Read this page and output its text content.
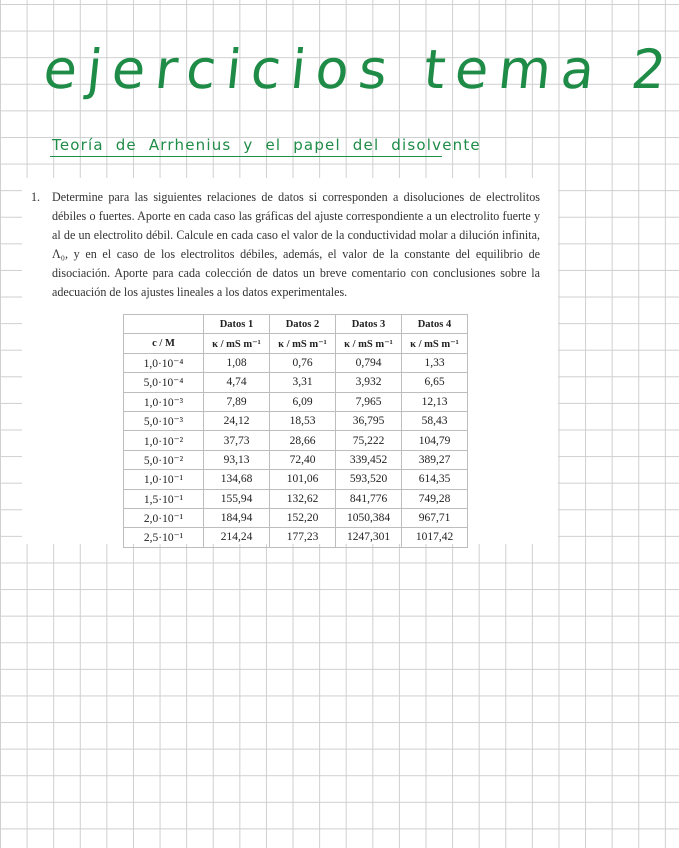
ejercicios tema 2
Teoría de Arrhenius y el papel del disolvente
1. Determine para las siguientes relaciones de datos si corresponden a disoluciones de electrolitos débiles o fuertes. Aporte en cada caso las gráficas del ajuste correspondiente a un electrolito fuerte y al de un electrolito débil. Calcule en cada caso el valor de la conductividad molar a dilución infinita, Λ₀, y en el caso de los electrolitos débiles, además, el valor de la constante del equilibrio de disociación. Aporte para cada colección de datos un breve comentario con conclusiones sobre la adecuación de los ajustes lineales a los datos experimentales.
	Datos 1	Datos 2	Datos 3	Datos 4
c / M	κ / mS m⁻¹	κ / mS m⁻¹	κ / mS m⁻¹	κ / mS m⁻¹
1,0·10⁻⁴	1,08	0,76	0,794	1,33
5,0·10⁻⁴	4,74	3,31	3,932	6,65
1,0·10⁻³	7,89	6,09	7,965	12,13
5,0·10⁻³	24,12	18,53	36,795	58,43
1,0·10⁻²	37,73	28,66	75,222	104,79
5,0·10⁻²	93,13	72,40	339,452	389,27
1,0·10⁻¹	134,68	101,06	593,520	614,35
1,5·10⁻¹	155,94	132,62	841,776	749,28
2,0·10⁻¹	184,94	152,20	1050,384	967,71
2,5·10⁻¹	214,24	177,23	1247,301	1017,42
